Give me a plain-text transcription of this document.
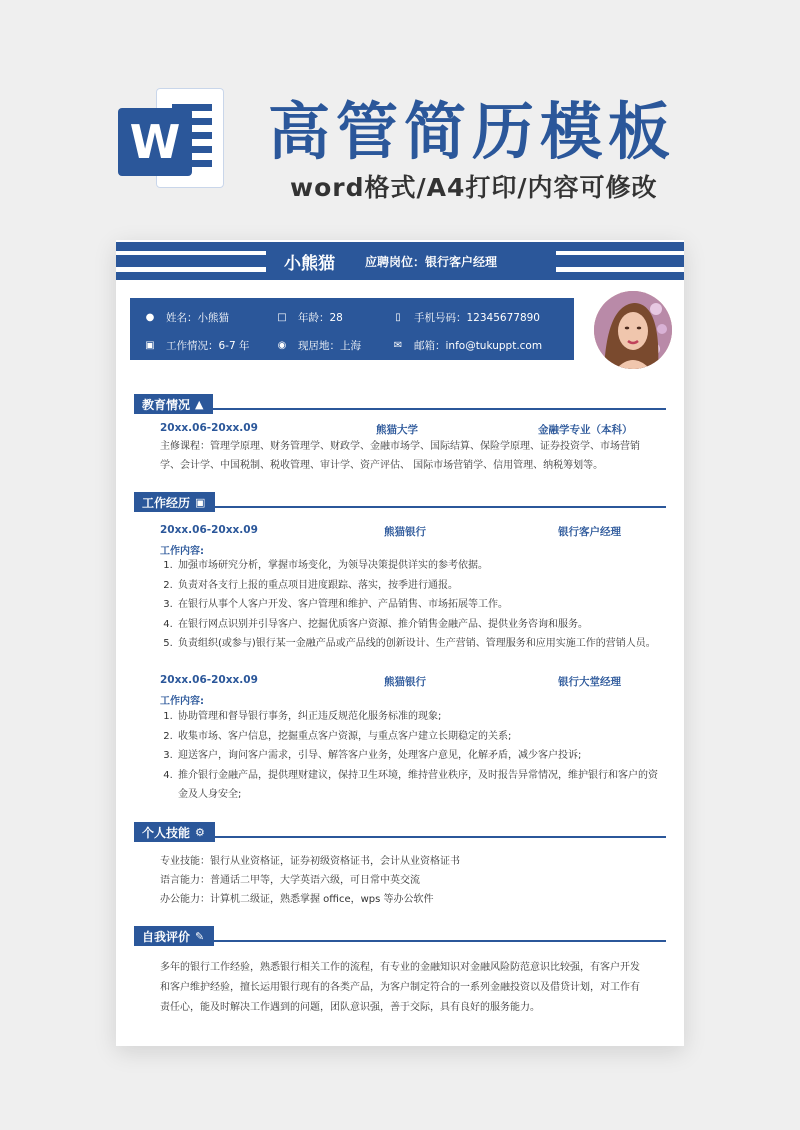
W 高管简历模板
word格式/A4打印/内容可修改
小熊猫	应聘岗位：银行客户经理
● 姓名：小熊猫	□ 年龄：28	▯	手机号码：12345677890
▣ 工作情况：6-7 年	◉ 现居地：上海	✉ 邮箱：info@tukuppt.com
教育情况 ▲
20xx.06-20xx.09	熊猫大学	金融学专业（本科）
主修课程：管理学原理、财务管理学、财政学、金融市场学、国际结算、保险学原理、证券投资学、市场营销学、会计学、中国税制、税收管理、审计学、资产评估、 国际市场营销学、信用管理、纳税筹划等。
工作经历 ▣
20xx.06-20xx.09	熊猫银行	银行客户经理
工作内容:
1. 加强市场研究分析，掌握市场变化，为领导决策提供详实的参考依据。
2. 负责对各支行上报的重点项目进度跟踪、落实，按季进行通报。
3. 在银行从事个人客户开发、客户管理和维护、产品销售、市场拓展等工作。
4. 在银行网点识别并引导客户、挖掘优质客户资源、推介销售金融产品、提供业务咨询和服务。
5. 负责组织(或参与)银行某一金融产品或产品线的创新设计、生产营销、管理服务和应用实施工作的营销人员。
20xx.06-20xx.09	熊猫银行	银行大堂经理
工作内容:
1. 协助管理和督导银行事务，纠正违反规范化服务标准的现象;
2. 收集市场、客户信息，挖掘重点客户资源，与重点客户建立长期稳定的关系;
3. 迎送客户，询问客户需求，引导、解答客户业务，处理客户意见，化解矛盾，减少客户投诉;
4. 推介银行金融产品，提供理财建议，保持卫生环境，维持营业秩序，及时报告异常情况，维护银行和客户的资金及人身安全;
个人技能 ⚙
专业技能：银行从业资格证，证券初级资格证书，会计从业资格证书
语言能力：普通话二甲等，大学英语六级，可日常中英交流
办公能力：计算机二级证，熟悉掌握 office，wps 等办公软件
自我评价 ✎
多年的银行工作经验，熟悉银行相关工作的流程，有专业的金融知识对金融风险防范意识比较强，有客户开发和客户维护经验，擅长运用银行现有的各类产品，为客户制定符合的一系列金融投资以及借贷计划，对工作有责任心，能及时解决工作遇到的问题，团队意识强，善于交际，具有良好的服务能力。
